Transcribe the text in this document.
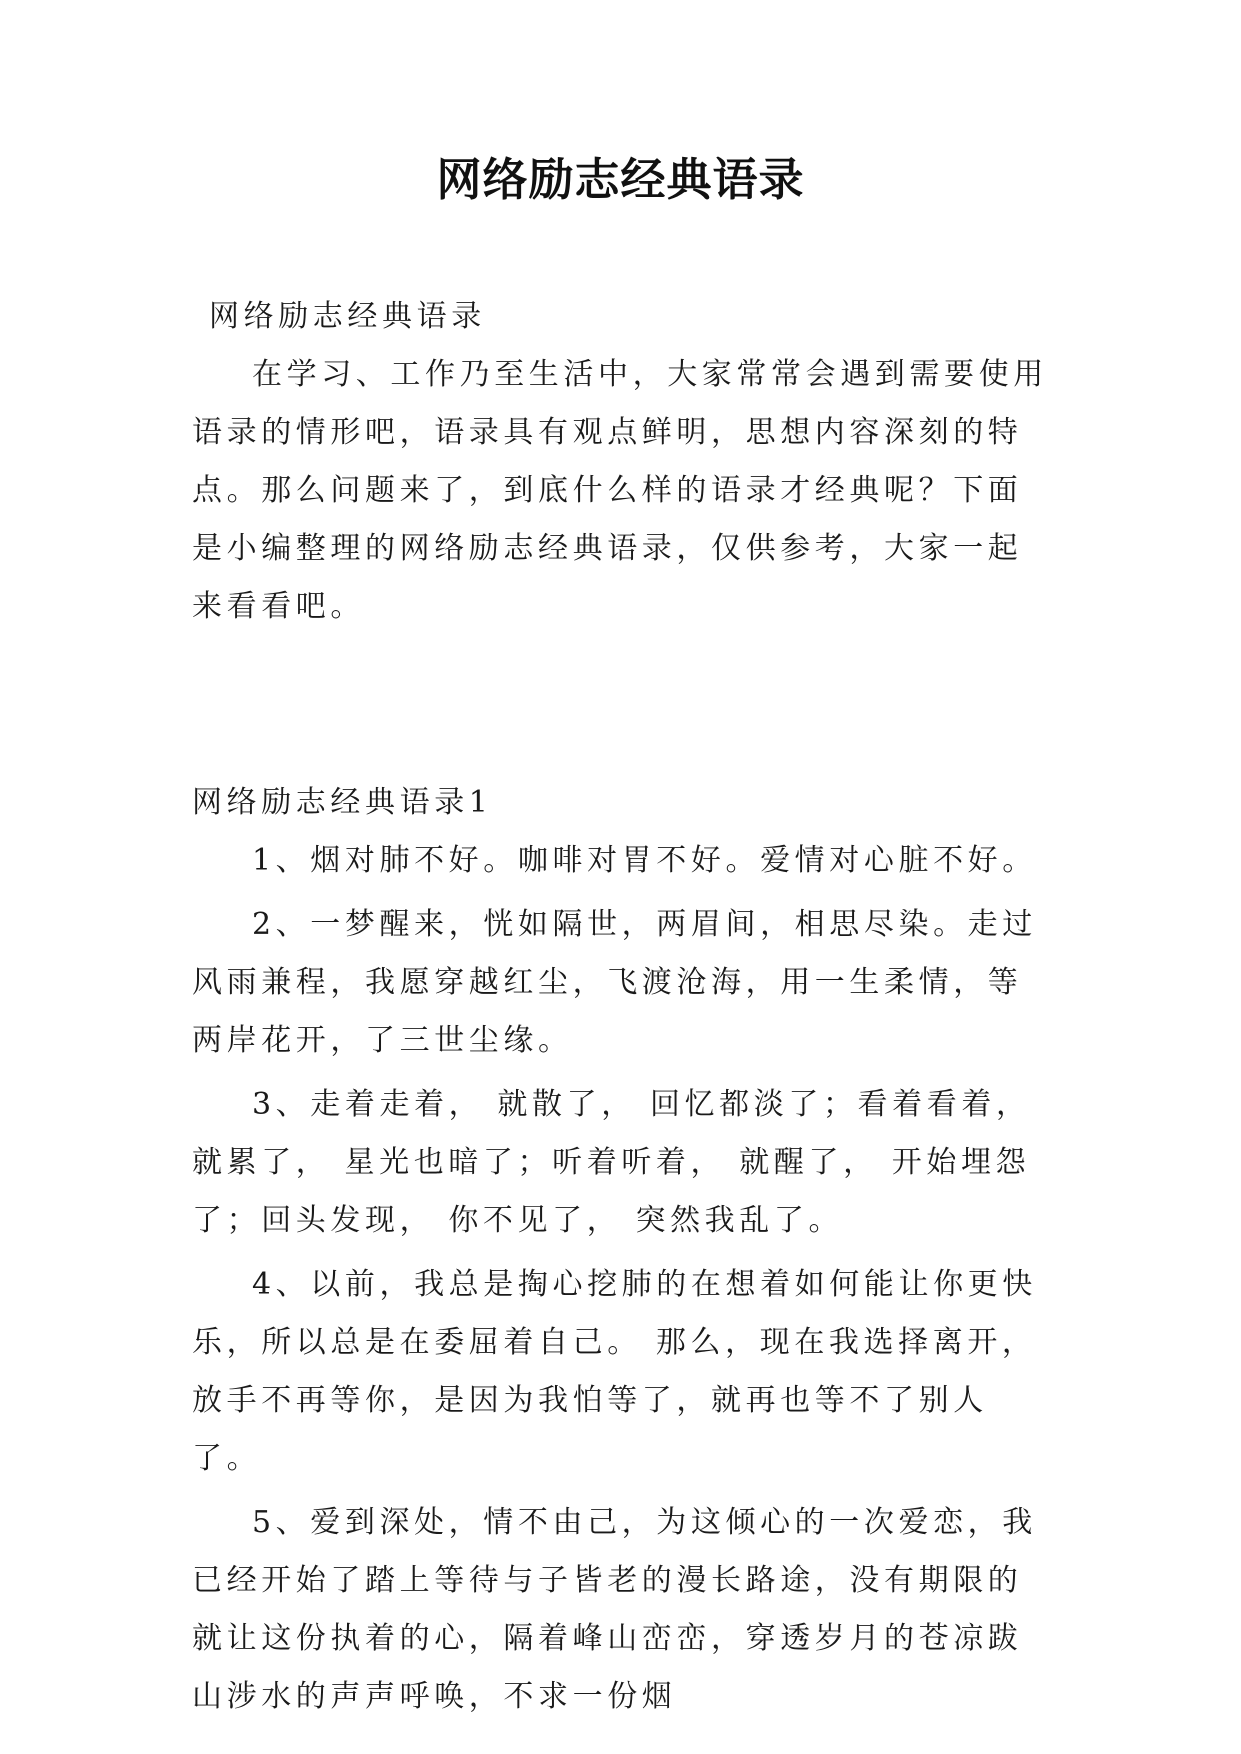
网络励志经典语录

网络励志经典语录

在学习、工作乃至生活中，大家常常会遇到需要使用语录的情形吧，语录具有观点鲜明，思想内容深刻的特点。那么问题来了，到底什么样的语录才经典呢？下面是小编整理的网络励志经典语录，仅供参考，大家一起来看看吧。

网络励志经典语录1

1、烟对肺不好。咖啡对胃不好。爱情对心脏不好。

2、一梦醒来，恍如隔世，两眉间，相思尽染。走过风雨兼程，我愿穿越红尘，飞渡沧海，用一生柔情，等两岸花开，了三世尘缘。

3、走着走着， 就散了， 回忆都淡了；看着看着， 就累了， 星光也暗了；听着听着， 就醒了， 开始埋怨了；回头发现， 你不见了， 突然我乱了。

4、以前，我总是掏心挖肺的在想着如何能让你更快乐，所以总是在委屈着自己。 那么，现在我选择离开，放手不再等你，是因为我怕等了，就再也等不了别人了。

5、爱到深处，情不由己，为这倾心的一次爱恋，我已经开始了踏上等待与子皆老的漫长路途，没有期限的就让这份执着的心，隔着峰山峦峦，穿透岁月的苍凉跋山涉水的声声呼唤，不求一份烟
